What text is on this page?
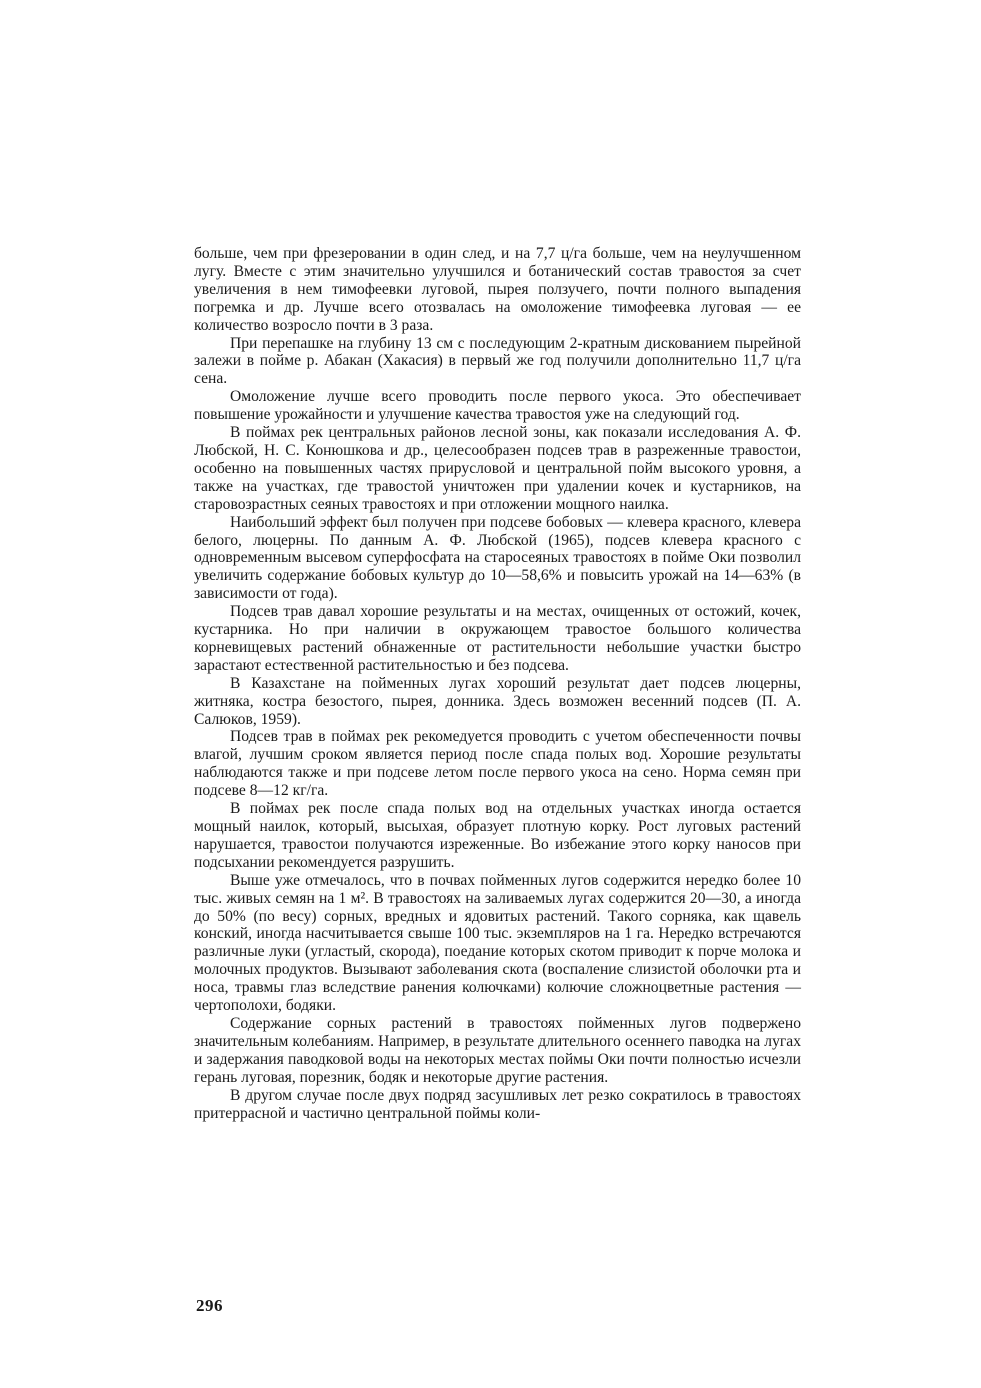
больше, чем при фрезеровании в один след, и на 7,7 ц/га больше, чем на неулучшенном лугу. Вместе с этим значительно улучшился и ботанический состав травостоя за счет увеличения в нем тимофеевки луговой, пырея ползучего, почти полного выпадения погремка и др. Лучше всего отозвалась на омоложение тимофеевка луговая — ее количество возросло почти в 3 раза.

При перепашке на глубину 13 см с последующим 2-кратным дискованием пырейной залежи в пойме р. Абакан (Хакасия) в первый же год получили дополнительно 11,7 ц/га сена.

Омоложение лучше всего проводить после первого укоса. Это обеспечивает повышение урожайности и улучшение качества травостоя уже на следующий год.

В поймах рек центральных районов лесной зоны, как показали исследования А. Ф. Любской, Н. С. Конюшкова и др., целесообразен подсев трав в разреженные травостои, особенно на повышенных частях прирусловой и центральной пойм высокого уровня, а также на участках, где травостой уничтожен при удалении кочек и кустарников, на старовозрастных сеяных травостоях и при отложении мощного наилка.

Наибольший эффект был получен при подсеве бобовых — клевера красного, клевера белого, люцерны. По данным А. Ф. Любской (1965), подсев клевера красного с одновременным высевом суперфосфата на старосеяных травостоях в пойме Оки позволил увеличить содержание бобовых культур до 10—58,6% и повысить урожай на 14—63% (в зависимости от года).

Подсев трав давал хорошие результаты и на местах, очищенных от остожий, кочек, кустарника. Но при наличии в окружающем травостое большого количества корневищевых растений обнаженные от растительности небольшие участки быстро зарастают естественной растительностью и без подсева.

В Казахстане на пойменных лугах хороший результат дает подсев люцерны, житняка, костра безостого, пырея, донника. Здесь возможен весенний подсев (П. А. Салюков, 1959).

Подсев трав в поймах рек рекомедуется проводить с учетом обеспеченности почвы влагой, лучшим сроком является период после спада полых вод. Хорошие результаты наблюдаются также и при подсеве летом после первого укоса на сено. Норма семян при подсеве 8—12 кг/га.

В поймах рек после спада полых вод на отдельных участках иногда остается мощный наилок, который, высыхая, образует плотную корку. Рост луговых растений нарушается, травостои получаются изреженные. Во избежание этого корку наносов при подсыхании рекомендуется разрушить.

Выше уже отмечалось, что в почвах пойменных лугов содержится нередко более 10 тыс. живых семян на 1 м². В травостоях на заливаемых лугах содержится 20—30, а иногда до 50% (по весу) сорных, вредных и ядовитых растений. Такого сорняка, как щавель конский, иногда насчитывается свыше 100 тыс. экземпляров на 1 га. Нередко встречаются различные луки (угластый, скорода), поедание которых скотом приводит к порче молока и молочных продуктов. Вызывают заболевания скота (воспаление слизистой оболочки рта и носа, травмы глаз вследствие ранения колючками) колючие сложноцветные растения — чертополохи, бодяки.

Содержание сорных растений в травостоях пойменных лугов подвержено значительным колебаниям. Например, в результате длительного осеннего паводка на лугах и задержания паводковой воды на некоторых местах поймы Оки почти полностью исчезли герань луговая, порезник, бодяк и некоторые другие растения.

В другом случае после двух подряд засушливых лет резко сократилось в травостоях притеррасной и частично центральной поймы коли-

296
